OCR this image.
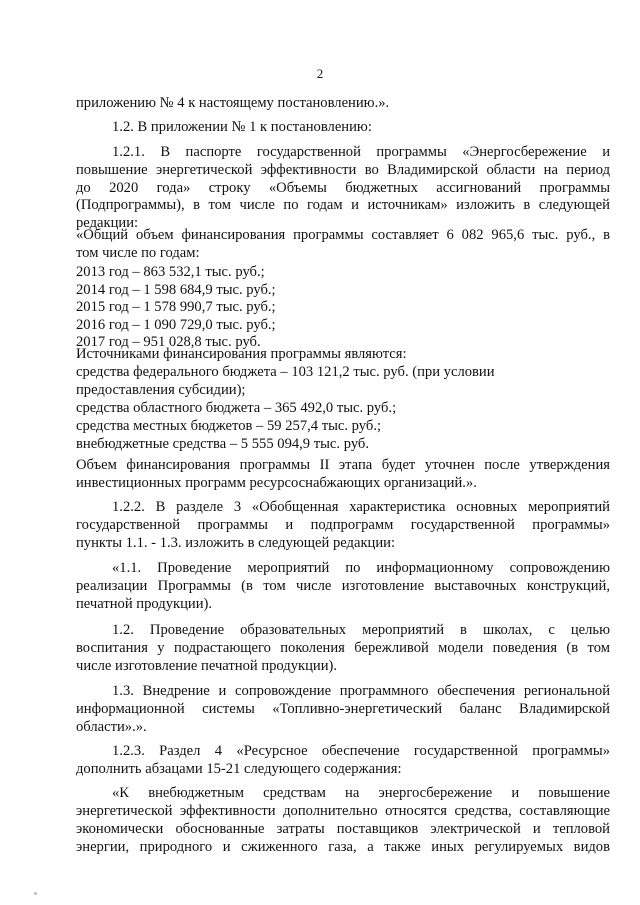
2

приложению № 4 к настоящему постановлению.».

1.2. В приложении № 1 к постановлению:

1.2.1. В паспорте государственной программы «Энергосбережение и

повышение энергетической эффективности во Владимирской области на период

до 2020 года» строку «Объемы бюджетных ассигнований программы

(Подпрограммы), в том числе по годам и источникам» изложить в следующей

редакции:

«Общий объем финансирования программы составляет 6 082 965,6 тыс. руб., в

том числе по годам:

2013 год – 863 532,1 тыс. руб.;
2014 год – 1 598 684,9 тыс. руб.;
2015 год – 1 578 990,7 тыс. руб.;
2016 год – 1 090 729,0 тыс. руб.;
2017 год – 951 028,8 тыс. руб.

Источниками финансирования программы являются:

средства федерального бюджета – 103 121,2 тыс. руб. (при условии

предоставления субсидии);

средства областного бюджета – 365 492,0 тыс. руб.;

средства местных бюджетов – 59 257,4 тыс. руб.;

внебюджетные средства – 5 555 094,9 тыс. руб.

Объем финансирования программы II этапа будет уточнен после утверждения

инвестиционных программ ресурсоснабжающих организаций.».

1.2.2. В разделе 3 «Обобщенная характеристика основных мероприятий

государственной программы и подпрограмм государственной программы»

пункты 1.1. - 1.3. изложить в следующей редакции:

«1.1. Проведение мероприятий по информационному сопровождению

реализации Программы (в том числе изготовление выставочных конструкций,

печатной продукции).

1.2. Проведение образовательных мероприятий в школах, с целью

воспитания у подрастающего поколения бережливой модели поведения (в том

числе изготовление печатной продукции).

1.3. Внедрение и сопровождение программного обеспечения региональной

информационной системы «Топливно-энергетический баланс Владимирской

области».».

1.2.3. Раздел 4 «Ресурсное обеспечение государственной программы»

дополнить абзацами 15-21 следующего содержания:

«К внебюджетным средствам на энергосбережение и повышение

энергетической эффективности дополнительно относятся средства, составляющие

экономически обоснованные затраты поставщиков электрической и тепловой

энергии, природного и сжиженного газа, а также иных регулируемых видов
